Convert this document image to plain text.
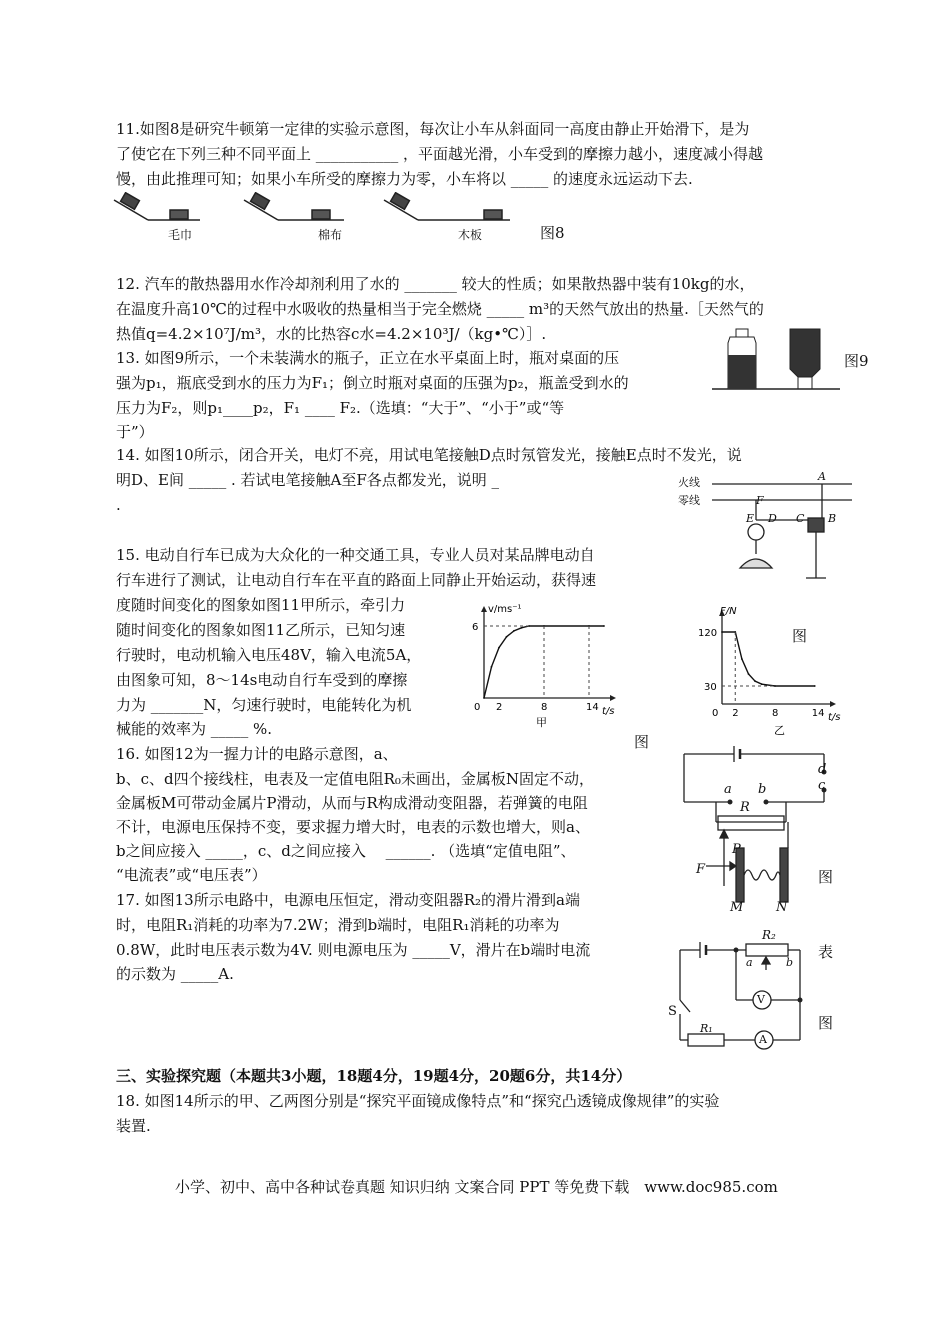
11.如图8是研究牛顿第一定律的实验示意图，每次让小车从斜面同一高度由静止开始滑下，是为
了使它在下列三种不同平面上 ___________ ，平面越光滑，小车受到的摩擦力越小，速度减小得越
慢，由此推理可知；如果小车所受的摩擦力为零，小车将以 _____ 的速度永远运动下去.
毛巾	棉布	木板	图8
12. 汽车的散热器用水作冷却剂利用了水的 _______ 较大的性质；如果散热器中装有10kg的水，
在温度升高10℃的过程中水吸收的热量相当于完全燃烧 _____ m³的天然气放出的热量.［天然气的
热值q=4.2×10⁷J/m³，水的比热容c水=4.2×10³J/（kg•℃）］.
13. 如图9所示，一个未装满水的瓶子，正立在水平桌面上时，瓶对桌面的压
强为p₁，瓶底受到水的压力为F₁；倒立时瓶对桌面的压强为p₂，瓶盖受到水的
压力为F₂，则p₁____p₂，F₁ ____ F₂.（选填：“大于”、“小于”或“等
于”）
图9
14. 如图10所示，闭合开关，电灯不亮，用试电笔接触D点时氖管发光，接触E点时不发光，说
明D、E间 _____ . 若试电笔接触A至F各点都发光，说明 _
.
火线
零线
A
B
C
D
E
F
15. 电动自行车已成为大众化的一种交通工具，专业人员对某品牌电动自
行车进行了测试，让电动自行车在平直的路面上同静止开始运动，获得速
度随时间变化的图象如图11甲所示，牵引力
随时间变化的图象如图11乙所示，已知匀速
行驶时，电动机输入电压48V，输入电流5A，
由图象可知，8～14s电动自行车受到的摩擦
力为 _______N，匀速行驶时，电能转化为机
械能的效率为 _____ %.
v/ms⁻¹
t/s
0
甲
2	8	14
6
F/N
t/s
0
乙
2	8	14
120
30
图
图
16. 如图12为一握力计的电路示意图，a、
b、c、d四个接线柱，电表及一定值电阻R₀未画出，金属板N固定不动，
金属板M可带动金属片P滑动，从而与R构成滑动变阻器，若弹簧的电阻
不计，电源电压保持不变，要求握力增大时，电表的示数也增大，则a、
b之间应接入 _____，c、d之间应接入　 ______. （选填“定值电阻”、
“电流表”或“电压表”）
a b	c
d
R
P
F
M	N
图
17. 如图13所示电路中，电源电压恒定，滑动变阻器R₂的滑片滑到a端
时，电阻R₁消耗的功率为7.2W；滑到b端时，电阻R₁消耗的功率为
0.8W，此时电压表示数为4V. 则电源电压为 _____V，滑片在b端时电流
的示数为 _____A.
R₂
a	b
V
A
R₁
S
表
图
三、实验探究题（本题共3小题，18题4分，19题4分，20题6分，共14分）
18. 如图14所示的甲、乙两图分别是“探究平面镜成像特点”和“探究凸透镜成像规律”的实验
装置.
小学、初中、高中各种试卷真题 知识归纳 文案合同 PPT 等免费下载　www.doc985.com
